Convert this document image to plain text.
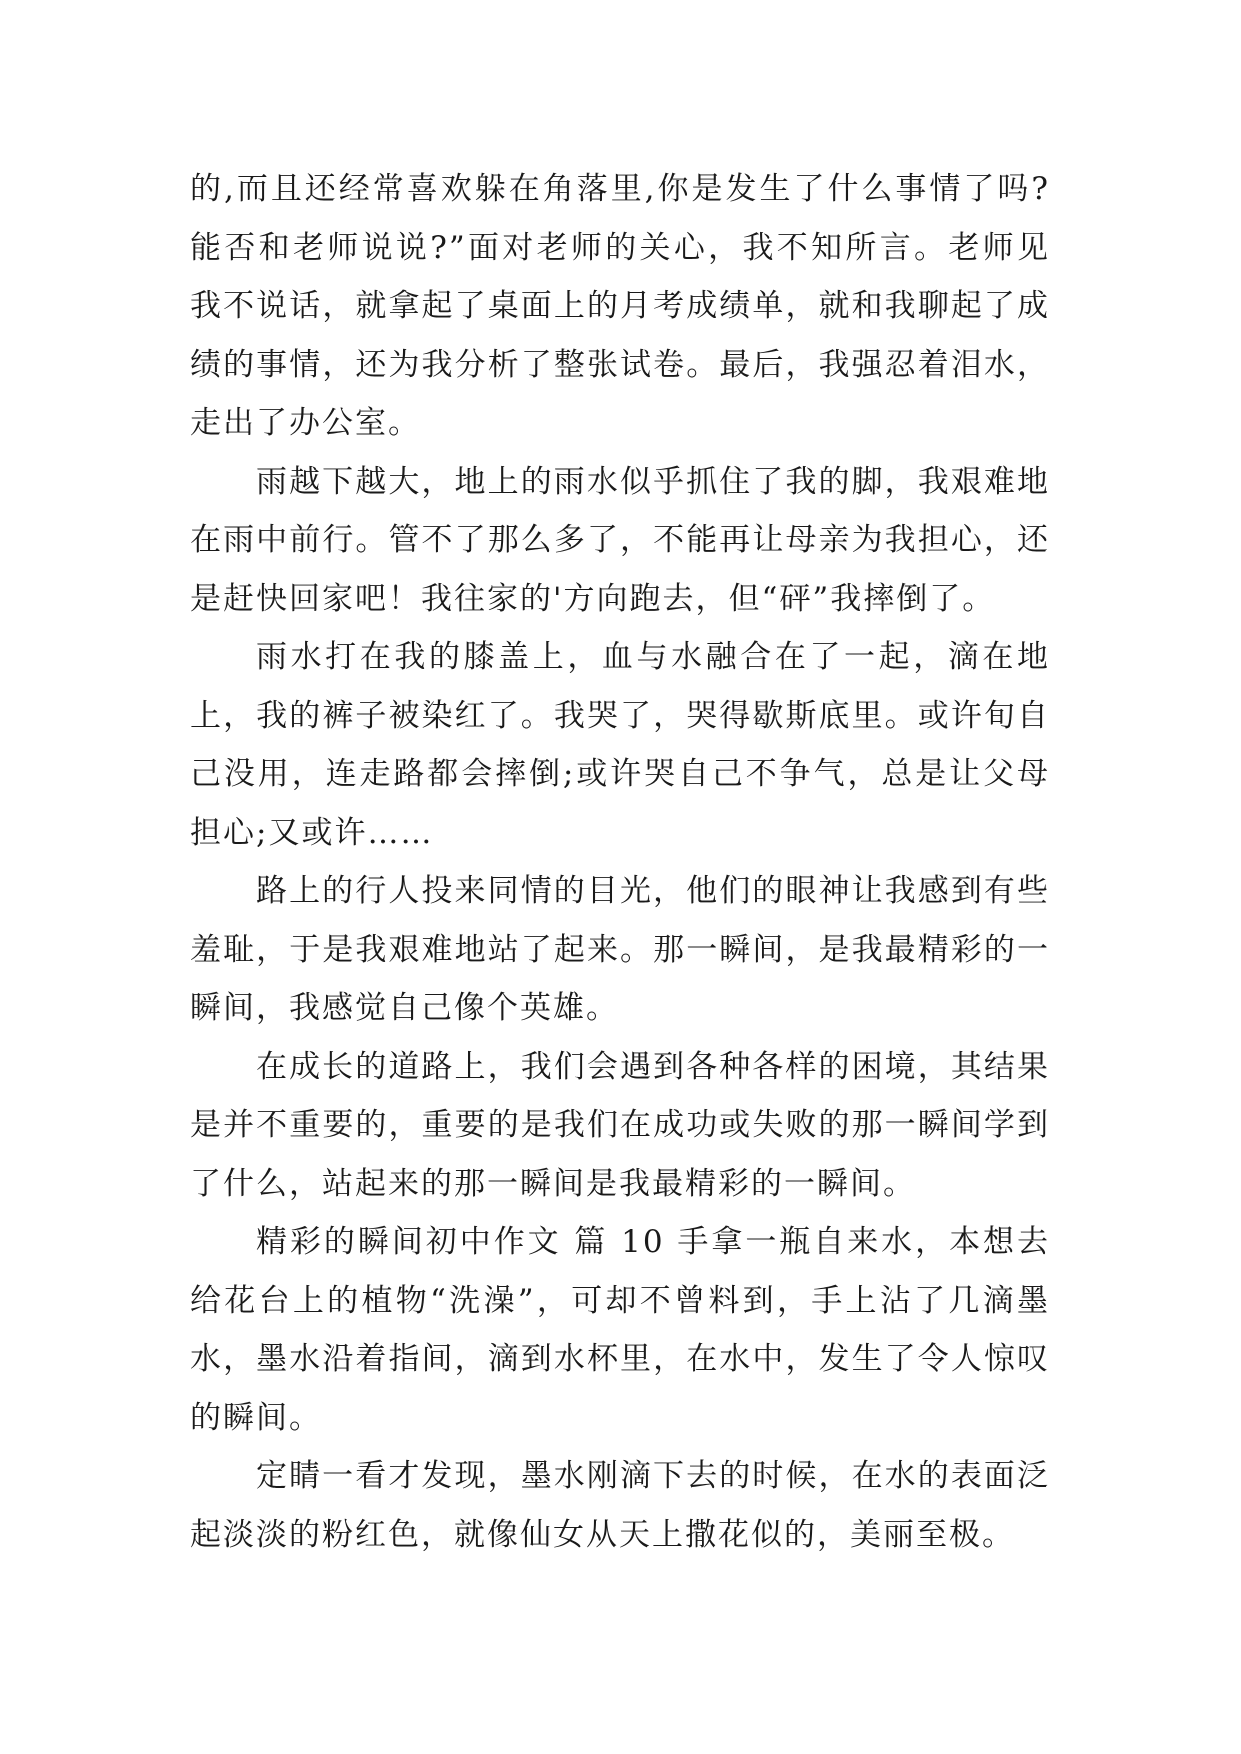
的,而且还经常喜欢躲在角落里,你是发生了什么事情了吗?能否和老师说说?”面对老师的关心，我不知所言。老师见我不说话，就拿起了桌面上的月考成绩单，就和我聊起了成绩的事情，还为我分析了整张试卷。最后，我强忍着泪水，走出了办公室。

雨越下越大，地上的雨水似乎抓住了我的脚，我艰难地在雨中前行。管不了那么多了，不能再让母亲为我担心，还是赶快回家吧！我往家的'方向跑去，但“砰”我摔倒了。

雨水打在我的膝盖上，血与水融合在了一起，滴在地上，我的裤子被染红了。我哭了，哭得歇斯底里。或许旬自己没用，连走路都会摔倒;或许哭自己不争气，总是让父母担心;又或许……

路上的行人投来同情的目光，他们的眼神让我感到有些羞耻，于是我艰难地站了起来。那一瞬间，是我最精彩的一瞬间，我感觉自己像个英雄。

在成长的道路上，我们会遇到各种各样的困境，其结果是并不重要的，重要的是我们在成功或失败的那一瞬间学到了什么，站起来的那一瞬间是我最精彩的一瞬间。

精彩的瞬间初中作文 篇 10 手拿一瓶自来水，本想去给花台上的植物“洗澡”，可却不曾料到，手上沾了几滴墨水，墨水沿着指间，滴到水杯里，在水中，发生了令人惊叹的瞬间。

定睛一看才发现，墨水刚滴下去的时候，在水的表面泛起淡淡的粉红色，就像仙女从天上撒花似的，美丽至极。
